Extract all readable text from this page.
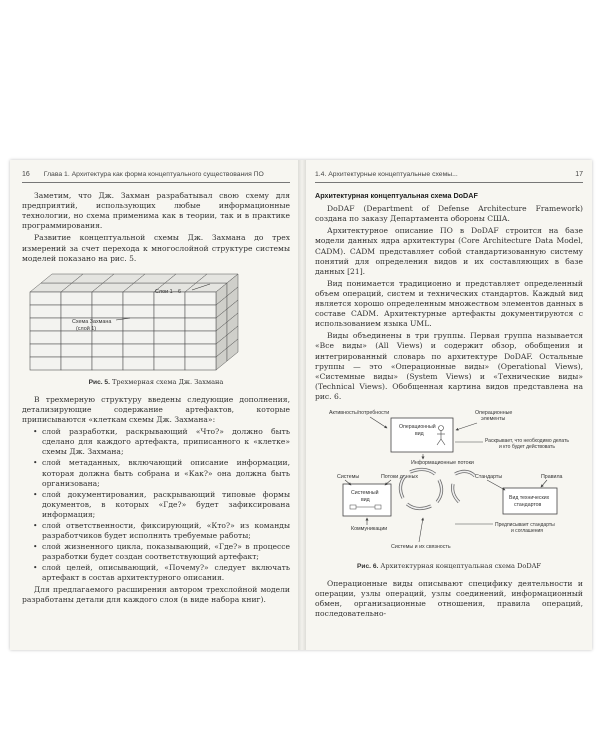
16 Глава 1. Архитектура как форма концептуального существования ПО

Заметим, что Дж. Захман разрабатывал свою схему для предприятий, использующих любые информационные технологии, но схема применима как в теории, так и в практике программирования.

Развитие концептуальной схемы Дж. Захмана до трех измерений за счет перехода к многослойной структуре системы моделей показано на рис. 5.

Слои 1—6
Схема Захмана
(слой 1)
Рис. 5. Трехмерная схема Дж. Захмана

В трехмерную структуру введены следующие дополнения, детализирующие содержание артефактов, которые приписываются «клеткам схемы Дж. Захмана»:

• слой разработки, раскрывающий «Что?» должно быть сделано для каждого артефакта, приписанного к «клетке» схемы Дж. Захмана;
• слой метаданных, включающий описание информации, которая должна быть собрана и «Как?» она должна быть организована;
• слой документирования, раскрывающий типовые формы документов, в которых «Где?» будет зафиксирована информация;
• слой ответственности, фиксирующий, «Кто?» из команды разработчиков будет исполнять требуемые работы;
• слой жизненного цикла, показывающий, «Где?» в процессе разработки будет создан соответствующий артефакт;
• слой целей, описывающий, «Почему?» следует включать артефакт в состав архитектурного описания.

Для предлагаемого расширения автором трехслойной модели разработаны детали для каждого слоя (в виде набора книг).

1.4. Архитектурные концептуальные схемы...	17
Архитектурная концептуальная схема DoDAF

DoDAF (Department of Defense Architecture Framework) создана по заказу Департамента обороны США.

Архитектурное описание ПО в DoDAF строится на базе модели данных ядра архитектуры (Core Architecture Data Model, CADM). CADM представляет собой стандартизованную систему понятий для определения видов и их составляющих в базе данных [21].

Вид понимается традиционно и представляет определенный объем операций, систем и технических стандартов. Каждый вид является хорошо определенным множеством элементов данных в составе CADM. Архитектурные артефакты документируются с использованием языка UML.

Виды объединены в три группы. Первая группа называется «Все виды» (All Views) и содержит обзор, обобщения и интегрированный словарь по архитектуре DoDAF. Остальные группы — это «Операционные виды» (Operational Views), «Системные виды» (System Views) и «Технические виды» (Technical Views). Обобщенная картина видов представлена на рис. 6.

Активность/потребности
Операционный
вид
Операционные
элементы
Раскрывает, что необходимо делать
и кто будет действовать
Информационные потоки
Системы	Потоки данных	Стандарты	Правила
Системный
вид	Вид технических
стандартов
Коммуникации
Предписывает стандарты
и соглашения
Системы и их связность
Рис. 6. Архитектурная концептуальная схема DoDAF

Операционные виды описывают специфику деятельности и операции, узлы операций, узлы соединений, информационный обмен, организационные отношения, правила операций, последовательно-
